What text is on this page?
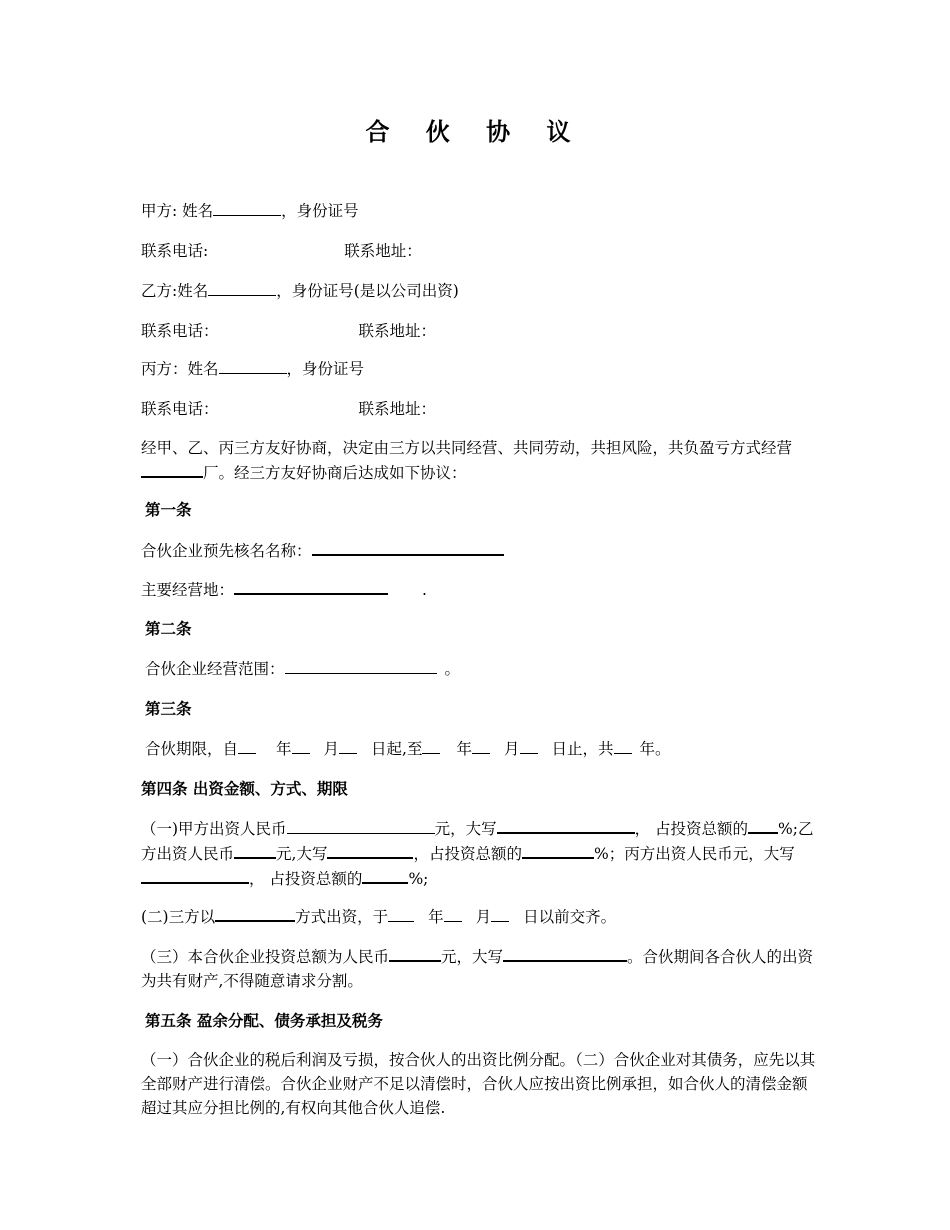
合 伙 协 议
甲方: 姓名	，身份证号
联系电话:	联系地址：
乙方:姓名	，身份证号(是以公司出资)
联系电话：	联系地址：
丙方：姓名	，身份证号
联系电话：	联系地址：
经甲、乙、丙三方友好协商，决定由三方以共同经营、共同劳动，共担风险，共负盈亏方式经营厂。经三方友好协商后达成如下协议：
第一条
合伙企业预先核名名称：
主要经营地：	.
第二条
合伙企业经营范围：	。
第三条
合伙期限，自 年 月 日起,至 年 月 日止，共 年。
第四条 出资金额、方式、期限
（一)甲方出资人民币	元，大写	， 占投资总额的 %;乙方出资人民币	元,大写	，占投资总额的	%；丙方出资人民币元，大写， 占投资总额的	%;
(二)三方以	方式出资，于	年 月 日以前交齐。
（三）本合伙企业投资总额为人民币	元，大写	。合伙期间各合伙人的出资为共有财产,不得随意请求分割。
第五条 盈余分配、债务承担及税务
（一）合伙企业的税后利润及亏损，按合伙人的出资比例分配。（二）合伙企业对其债务，应先以其全部财产进行清偿。合伙企业财产不足以清偿时，合伙人应按出资比例承担，如合伙人的清偿金额超过其应分担比例的,有权向其他合伙人追偿.
